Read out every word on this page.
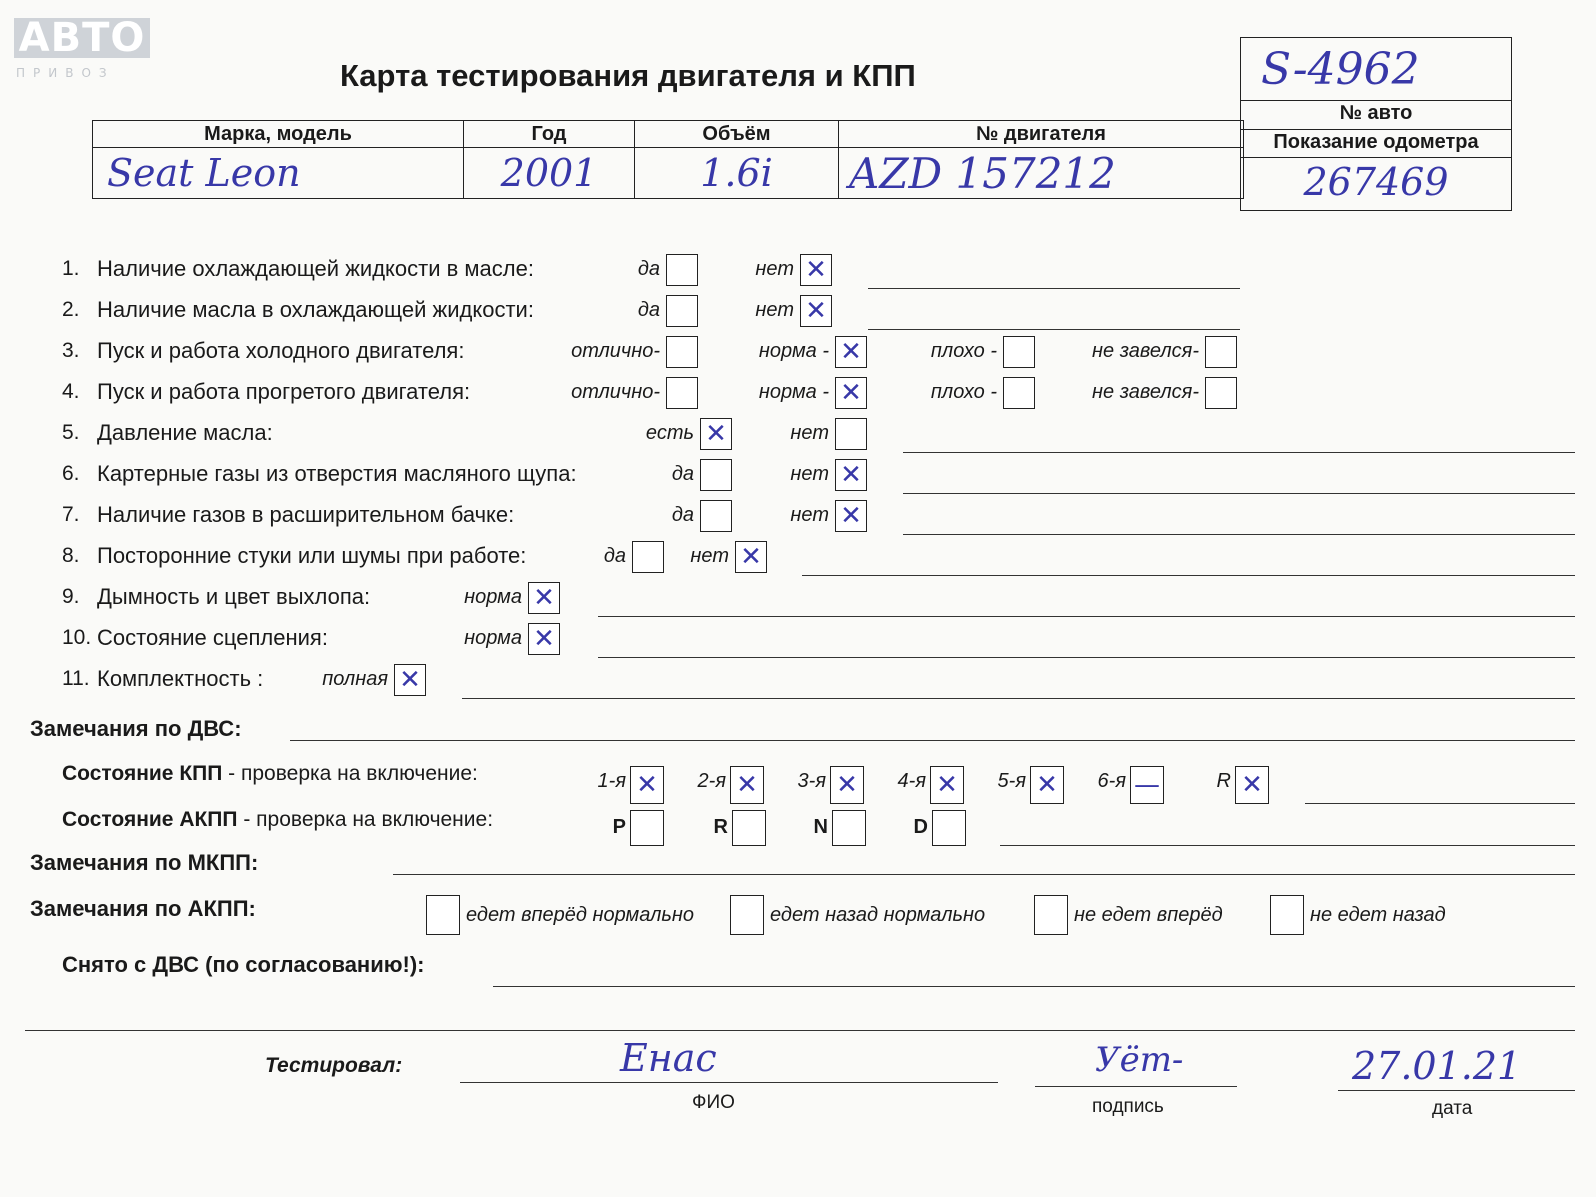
АВТО
ПРИВОЗ	Карта тестирования двигателя и КПП	S-4962
№ авто
Показание одометра
267469
Марка, модель	Год	Объём	№ двигателя
Seat Leon	2001	1.6i	AZD 157212
1. Наличие охлаждающей жидкости в масле:	да	нет ✕
2. Наличие масла в охлаждающей жидкости:	да	нет ✕
3. Пуск и работа холодного двигателя:	отлично-	норма - ✕	плохо -	не завелся-
4. Пуск и работа прогретого двигателя:	отлично-	норма - ✕	плохо -	не завелся-
5. Давление масла:	есть ✕	нет
6. Картерные газы из отверстия масляного щупа:	да	нет ✕
7. Наличие газов в расширительном бачке:	да	нет ✕
8. Посторонние стуки или шумы при работе:	да	нет ✕
9. Дымность и цвет выхлопа:	норма ✕
10. Состояние сцепления:	норма ✕
11. Комплектность :	полная ✕
Замечания по ДВС:
Состояние КПП - проверка на включение:	1-я ✕ 2-я ✕ 3-я ✕ 4-я ✕ 5-я ✕ 6-я —	R ✕
Состояние АКПП - проверка на включение:	P	R	N	D
Замечания по МКПП:
Замечания по АКПП:	едет вперёд нормально	едет назад нормально	не едет вперёд	не едет назад
Снято с ДВС (по согласованию!):
Тестировал:	Енас
ФИО
Уёт-
подпись
27.01.21
дата
